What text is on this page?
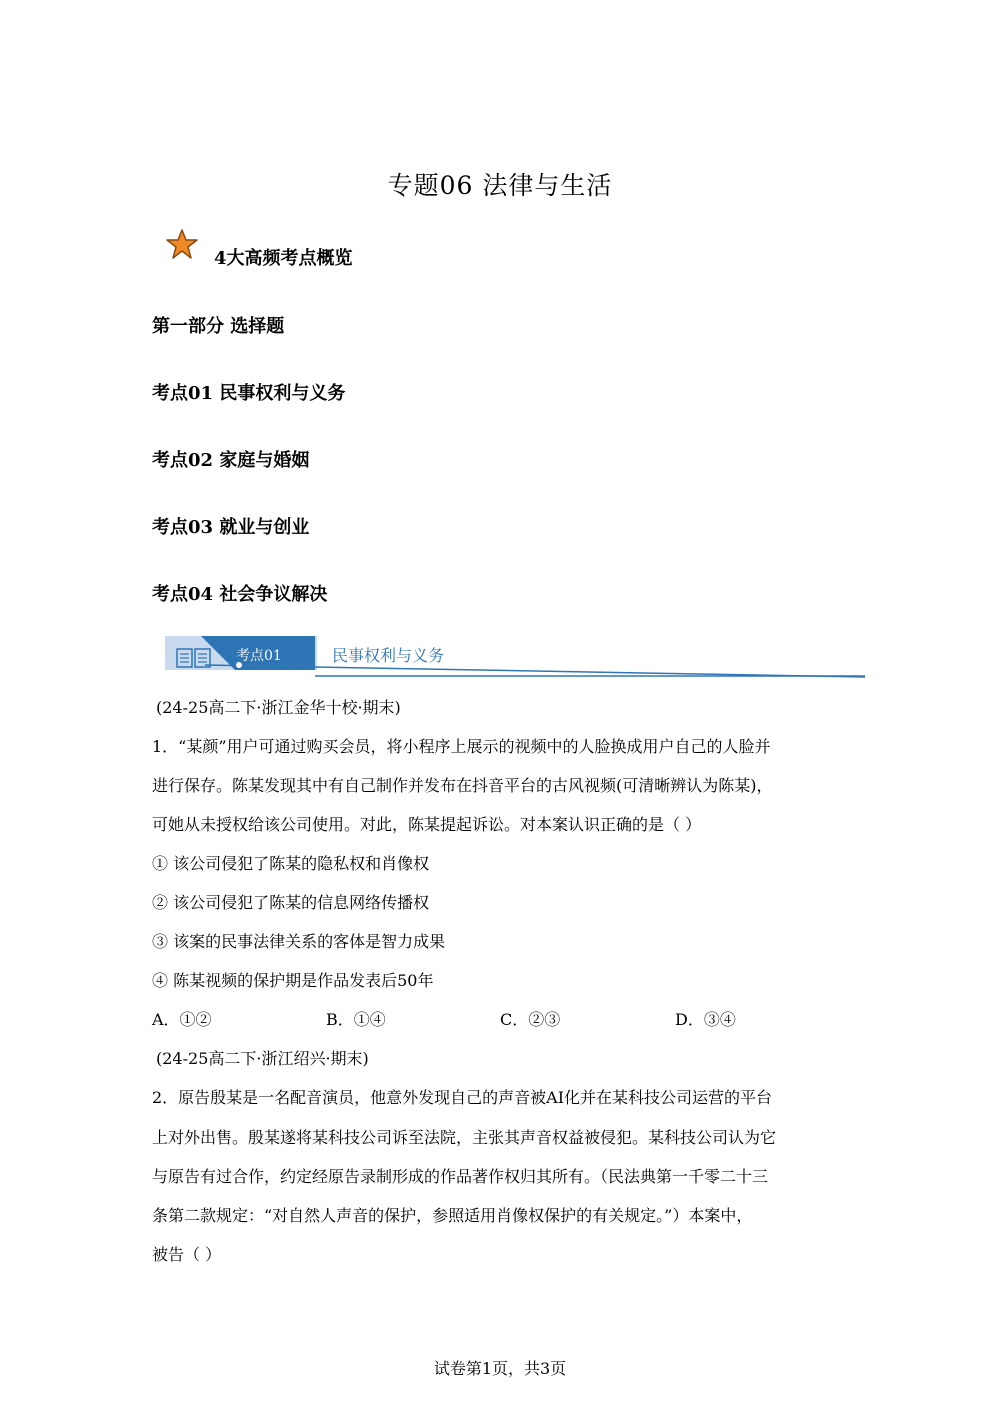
专题06 法律与生活
4大高频考点概览
第一部分 选择题
考点01 民事权利与义务
考点02 家庭与婚姻
考点03 就业与创业
考点04 社会争议解决
考点01	民事权利与义务
(24-25高二下·浙江金华十校·期末)
1．“某颜”用户可通过购买会员，将小程序上展示的视频中的人脸换成用户自己的人脸并
进行保存。陈某发现其中有自己制作并发布在抖音平台的古风视频(可清晰辨认为陈某)，
可她从未授权给该公司使用。对此，陈某提起诉讼。对本案认识正确的是（ ）
① 该公司侵犯了陈某的隐私权和肖像权
② 该公司侵犯了陈某的信息网络传播权
③ 该案的民事法律关系的客体是智力成果
④ 陈某视频的保护期是作品发表后50年
A．①②	B．①④	C．②③	D．③④
(24-25高二下·浙江绍兴·期末)
2．原告殷某是一名配音演员，他意外发现自己的声音被AI化并在某科技公司运营的平台
上对外出售。殷某遂将某科技公司诉至法院，主张其声音权益被侵犯。某科技公司认为它
与原告有过合作，约定经原告录制形成的作品著作权归其所有。（民法典第一千零二十三
条第二款规定：“对自然人声音的保护，参照适用肖像权保护的有关规定。”）本案中，
被告（ ）
试卷第1页，共3页
